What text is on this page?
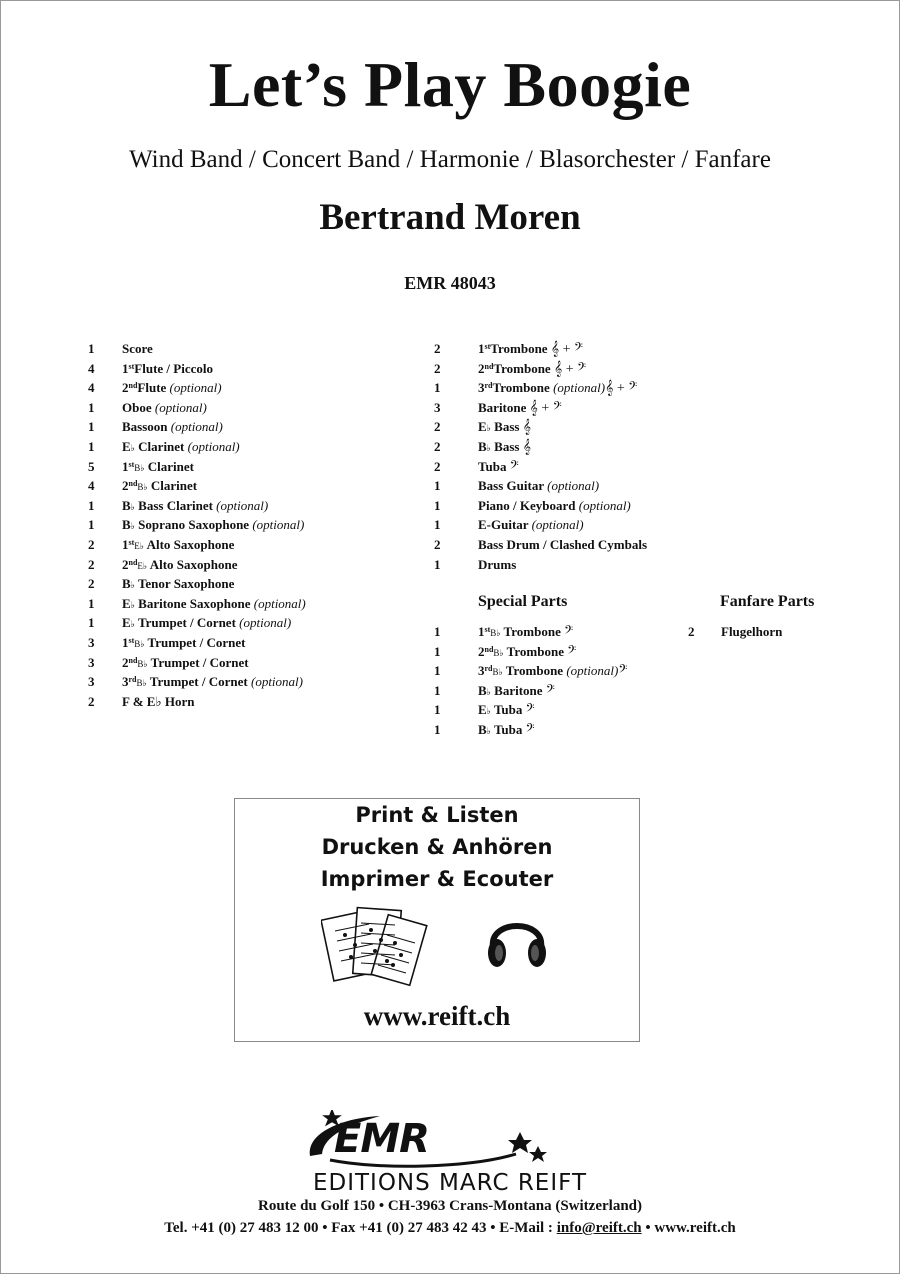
Let’s Play Boogie
Wind Band / Concert Band / Harmonie / Blasorchester / Fanfare
Bertrand Moren
EMR 48043
1	Score
4	1stFlute / Piccolo
4	2ndFlute (optional)
1	Oboe (optional)
1	Bassoon (optional)
1	E♭ Clarinet (optional)
5	1stB♭ Clarinet
4	2ndB♭ Clarinet
1	B♭ Bass Clarinet (optional)
1	B♭ Soprano Saxophone (optional)
2	1stE♭ Alto Saxophone
2	2ndE♭ Alto Saxophone
2	B♭ Tenor Saxophone
1	E♭ Baritone Saxophone (optional)
1	E♭ Trumpet / Cornet (optional)
3	1stB♭ Trumpet / Cornet
3	2ndB♭ Trumpet / Cornet
3	3rdB♭ Trumpet / Cornet (optional)
2	F & E♭ Horn
2	1stTrombone 𝄞 + 𝄢
2	2ndTrombone 𝄞 + 𝄢
1	3rdTrombone (optional)𝄞 + 𝄢
3	Baritone 𝄞 + 𝄢
2	E♭ Bass 𝄞
2	B♭ Bass 𝄞
2	Tuba 𝄢
1	Bass Guitar (optional)
1	Piano / Keyboard (optional)
1	E-Guitar (optional)
2	Bass Drum / Clashed Cymbals
1	Drums
Special Parts	Fanfare Parts
1	1stB♭ Trombone 𝄢
1	2ndB♭ Trombone 𝄢
1	3rdB♭ Trombone (optional)𝄢
1	B♭ Baritone 𝄢
1	E♭ Tuba 𝄢
1	B♭ Tuba 𝄢
2	Flugelhorn
Print & Listen
Drucken & Anhören
Imprimer & Ecouter
www.reift.ch
EMR
EDITIONS MARC REIFT
Route du Golf 150 • CH-3963 Crans-Montana (Switzerland)
Tel. +41 (0) 27 483 12 00 • Fax +41 (0) 27 483 42 43 • E-Mail : info@reift.ch • www.reift.ch
